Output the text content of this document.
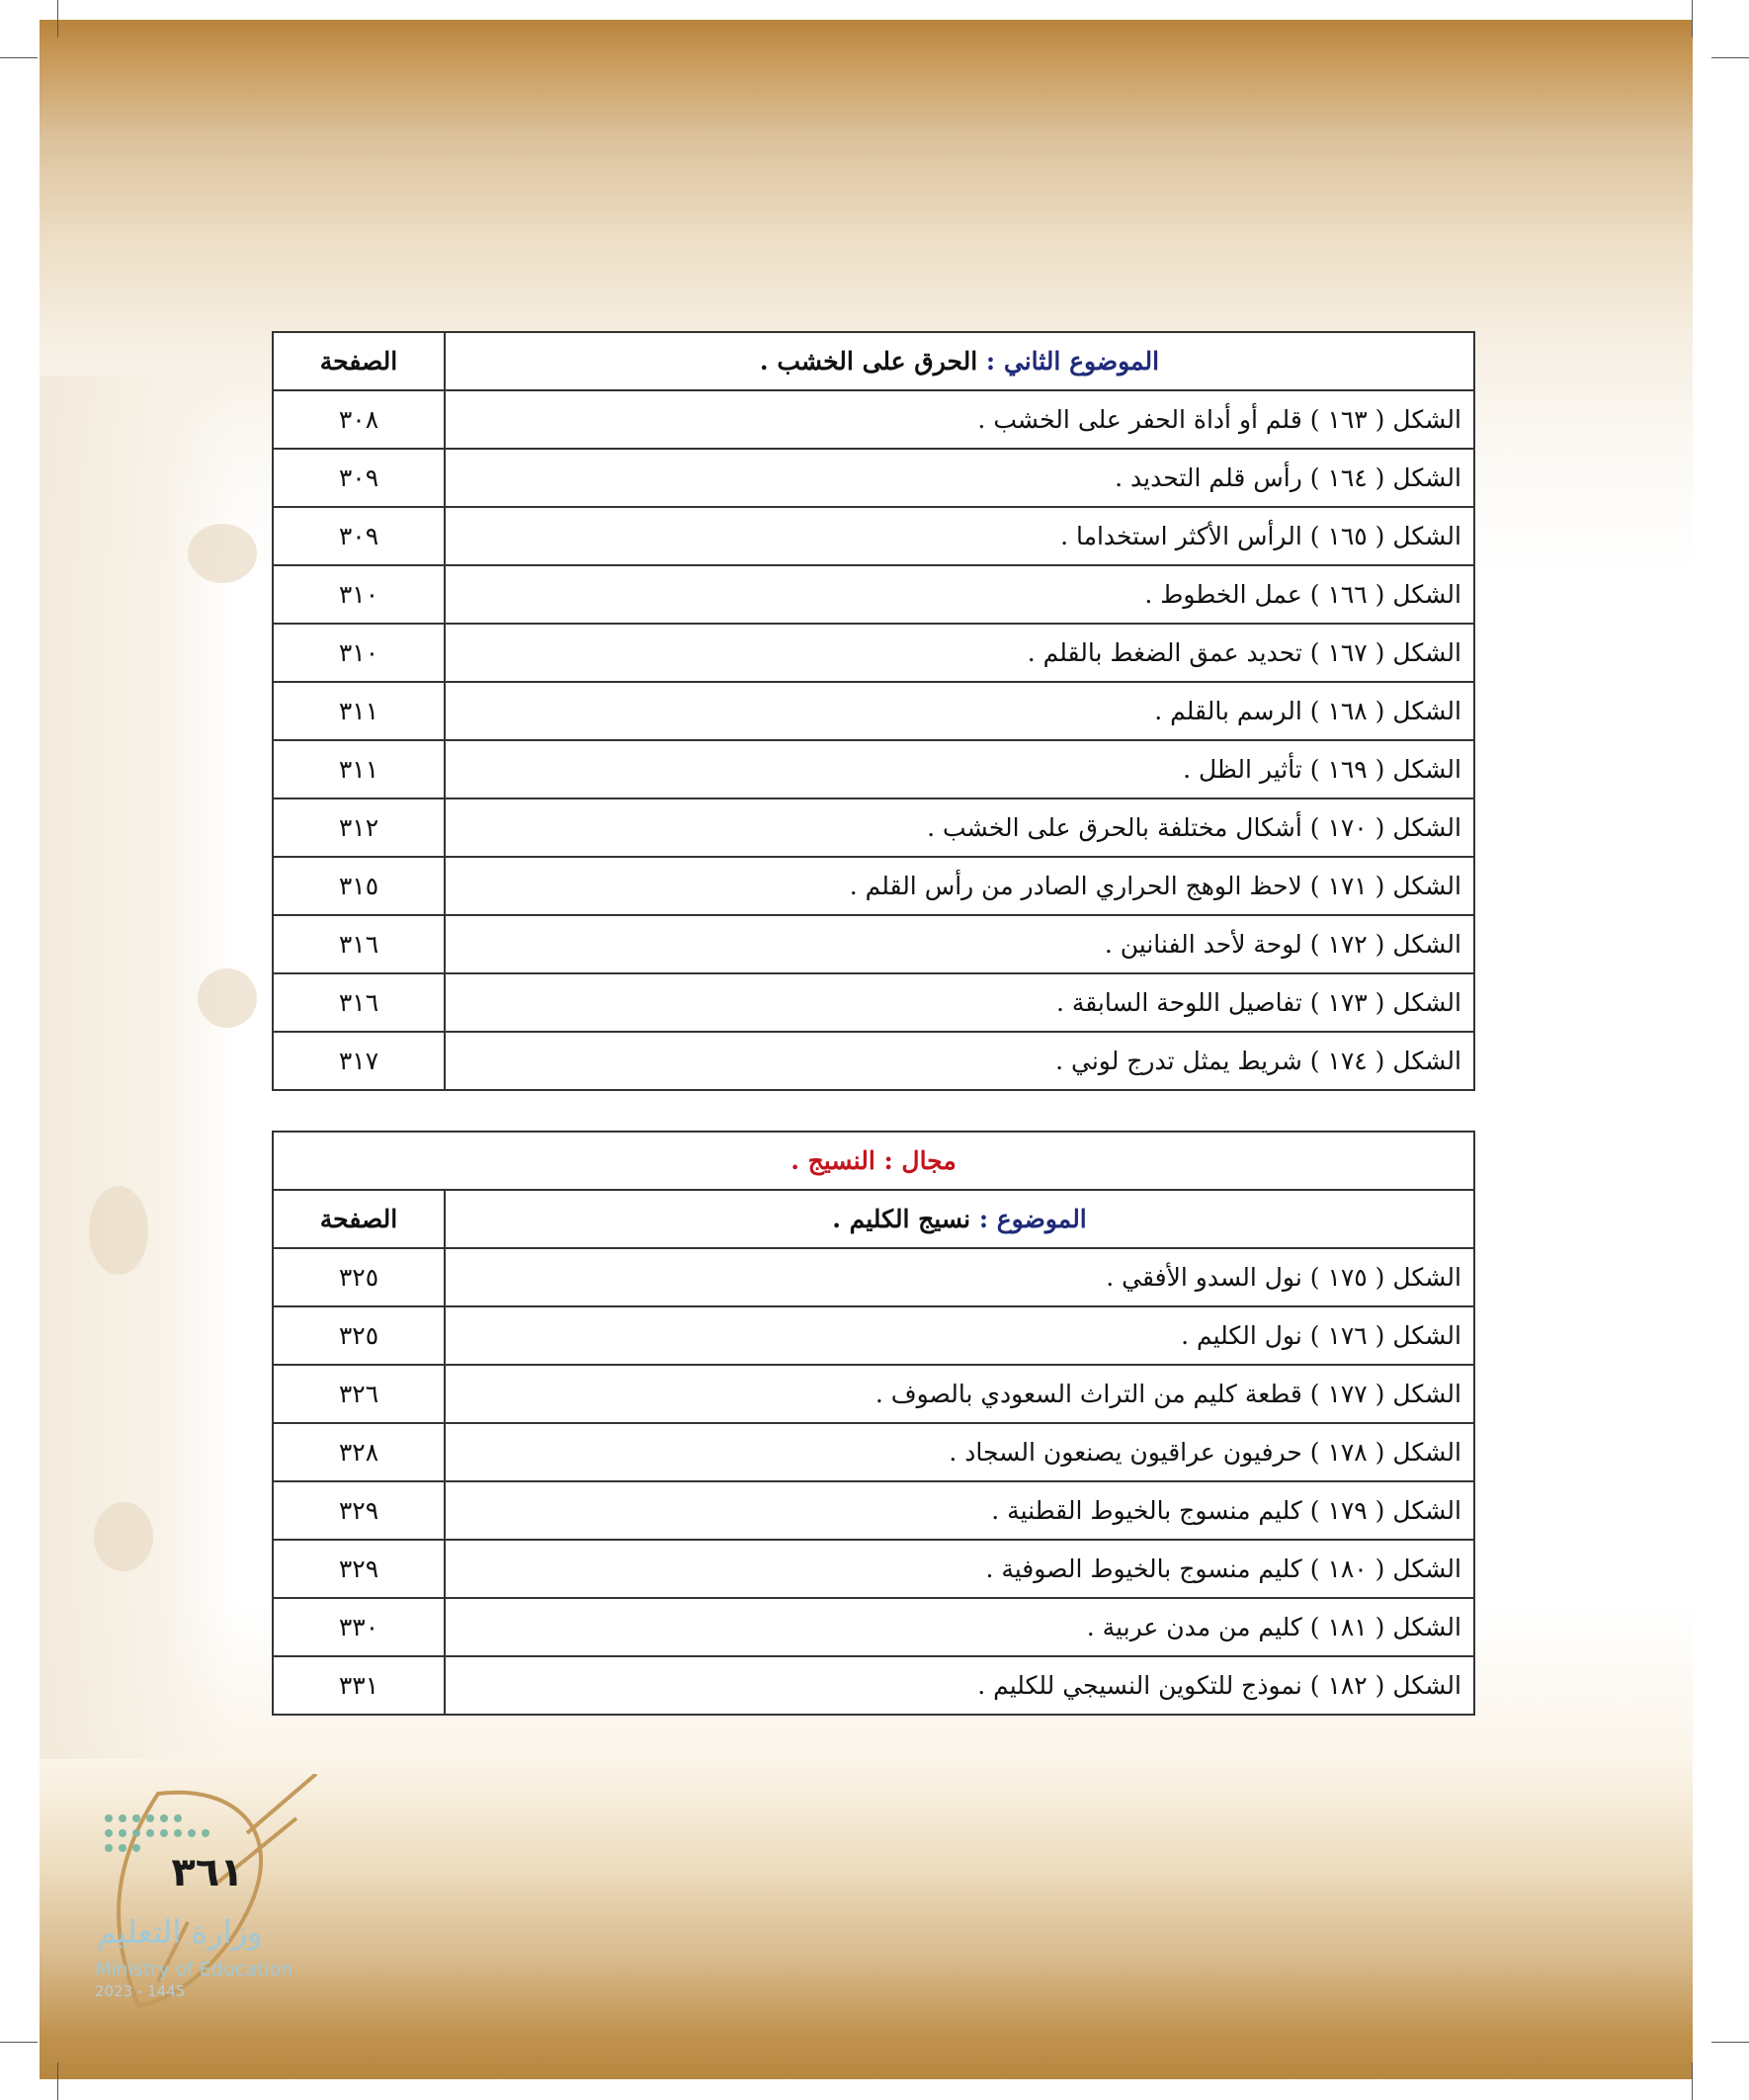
الموضوع الثاني : الحرق على الخشب .	الصفحة
الشكل ( ١٦٣ ) قلم أو أداة الحفر على الخشب .	٣٠٨
الشكل ( ١٦٤ ) رأس قلم التحديد .	٣٠٩
الشكل ( ١٦٥ ) الرأس الأكثر استخداما .	٣٠٩
الشكل ( ١٦٦ ) عمل الخطوط .	٣١٠
الشكل ( ١٦٧ ) تحديد عمق الضغط بالقلم .	٣١٠
الشكل ( ١٦٨ ) الرسم بالقلم .	٣١١
الشكل ( ١٦٩ ) تأثير الظل .	٣١١
الشكل ( ١٧٠ ) أشكال مختلفة بالحرق على الخشب .	٣١٢
الشكل ( ١٧١ ) لاحظ الوهج الحراري الصادر من رأس القلم .	٣١٥
الشكل ( ١٧٢ ) لوحة لأحد الفنانين .	٣١٦
الشكل ( ١٧٣ ) تفاصيل اللوحة السابقة .	٣١٦
الشكل ( ١٧٤ ) شريط يمثل تدرج لوني .	٣١٧
مجال : النسيج .	
الموضوع : نسيج الكليم .	الصفحة
الشكل ( ١٧٥ ) نول السدو الأفقي .	٣٢٥
الشكل ( ١٧٦ ) نول الكليم .	٣٢٥
الشكل ( ١٧٧ ) قطعة كليم من التراث السعودي بالصوف .	٣٢٦
الشكل ( ١٧٨ ) حرفيون عراقيون يصنعون السجاد .	٣٢٨
الشكل ( ١٧٩ ) كليم منسوج بالخيوط القطنية .	٣٢٩
الشكل ( ١٨٠ ) كليم منسوج بالخيوط الصوفية .	٣٢٩
الشكل ( ١٨١ ) كليم من مدن عربية .	٣٣٠
الشكل ( ١٨٢ ) نموذج للتكوين النسيجي للكليم .	٣٣١
٣٦١
وزارة التعليم
Ministry of Education
2023 - 1445
